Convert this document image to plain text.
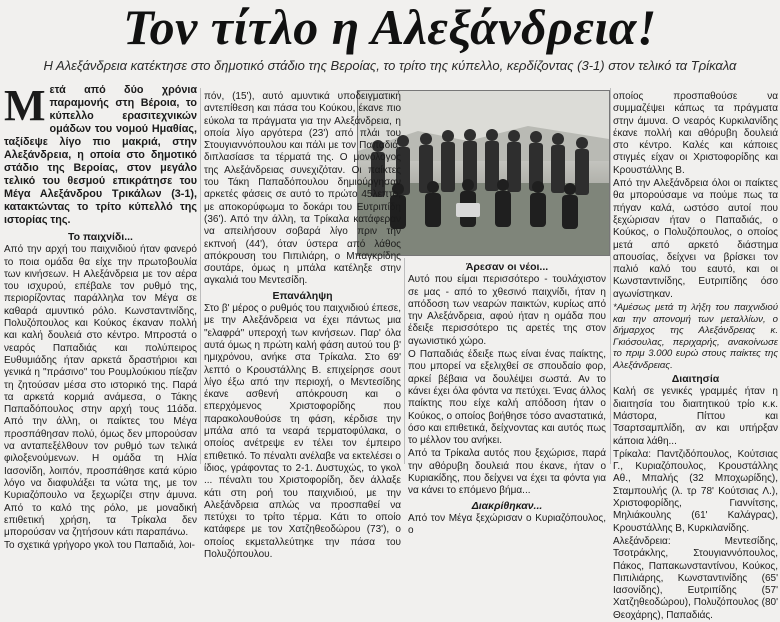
Τον τίτλο η Αλεξάνδρεια!
Η Αλεξάνδρεια κατέκτησε στο δημοτικό στάδιο της Βεροίας, το τρίτο της κύπελλο, κερδίζοντας (3-1) στον τελικό τα Τρίκαλα

Μ ετά από δύο χρόνια παραμονής στη Βέροια, το κύπελλο ερασιτεχνικών ομάδων του νομού Ημαθίας, ταξίδεψε λίγο πιο μακριά, στην Αλεξάνδρεια, η οποία στο δημοτικό στάδιο της Βεροίας, στον μεγάλο τελικό του θεσμού επικράτησε του Μέγα Αλεξάνδρου Τρικάλων (3-1), κατακτώντας το τρίτο κύπελλό της ιστορίας της.

Το παιχνίδι...

Από την αρχή του παιχνιδιού ήταν φανερό το ποια ομάδα θα είχε την πρωτοβουλία των κινήσεων. Η Αλεξάνδρεια με τον αέρα του ισχυρού, επέβαλε τον ρυθμό της, περιορίζοντας παράλληλα τον Μέγα σε καθαρά αμυντικό ρόλο. Κωνσταντινίδης, Πολυζόπουλος και Κούκος έκαναν πολλή και καλή δουλειά στο κέντρο. Μπροστά ο νεαρός Παπαδιάς και πολύπειρος Ευθυμιάδης ήταν αρκετά δραστήριοι και γενικά η "πράσινο" του Ρουμλούκιου πίεζαν τη ζητούσαν μέσα στο ιστορικό της. Παρά τα αρκετά κορμιά ανάμεσα, ο Τάκης Παπαδόπουλος στην αρχή τους 11άδα. Από την άλλη, οι παίκτες του Μέγα προσπάθησαν πολύ, όμως δεν μπορούσαν να ανταπεξέλθουν τον ρυθμό των τελικά φιλοξενούμενων. Η ομάδα τη Ηλία Ιασονίδη, λοιπόν, προσπάθησε κατά κύριο λόγο να διαφυλάξει τα νώτα της, με τον Κυριαζόπουλο να ξεχωρίζει στην άμυνα. Από το καλό της ρόλο, με μοναδική επιθετική χρήση, τα Τρίκαλα δεν μπορούσαν να ζητήσουν κάτι παραπάνω.

Το σχετικά γρήγορο γκολ του Παπαδιά, λοι-

πόν, (15'), αυτό αμυντικά υποδειγματική αντεπίθεση και πάσα του Κούκου, έκανε πιο εύκολα τα πράγματα για την Αλεξάνδρεια, η οποία λίγο αργότερα (23') από πλάι του Στουγιαννόπουλου και πάλι με τον Παπαδιά, διπλασίασε τα τέρματά της. Ο μονόλογος της Αλεξάνδρειας συνεχιζόταν. Οι παίκτες του Τάκη Παπαδόπουλου δημιούργησαν αρκετές φάσεις σε αυτό το πρώτο 45λεπτο, με αποκορύφωμα το δοκάρι του Ευτριπίδη (36'). Από την άλλη, τα Τρίκαλα κατάφεραν να απειλήσουν σοβαρά λίγο πριν την εκπνοή (44'), όταν ύστερα από λάθος απόκρουση του Πιπιλιάρη, ο Μπαγκρίδης σουτάρε, όμως η μπάλα κατέληξε στην αγκαλιά του Μεντεσίδη.

Επανάληψη

Στο β' μέρος ο ρυθμός του παιχνιδιού έπεσε, με την Αλεξάνδρεια να έχει πάντως μια "ελαφρά" υπεροχή των κινήσεων. Παρ' όλα αυτά όμως η πρώτη καλή φάση αυτού του β' ημιχρόνου, ανήκε στα Τρίκαλα. Στο 69' λεπτό ο Κρουστάλλης Β. επιχείρησε σουτ λίγο έξω από την περιοχή, ο Μεντεσίδης έκανε ασθενή απόκρουση και ο επερχόμενος Χριστοφορίδης που παρακολουθούσε τη φάση, κέρδισε την μπάλα από τα νεαρά τερματοφύλακα, ο οποίος ανέτρεψε εν τέλει τον έμπειρο επιθετικό. Το πέναλτι ανέλαβε να εκτελέσει ο ίδιος, γράφοντας το 2-1. Δυστυχώς, το γκολ ... πέναλτι του Χριστοφορίδη, δεν άλλαξε κάτι στη ροή του παιχνιδιού, με την Αλεξάνδρεια απλώς να προσπαθεί να πετύχει το τρίτο τέρμα. Κάτι το οποίο κατάφερε με τον Χατζηθεοδώρου (73'), ο οποίος εκμεταλλεύτηκε την πάσα του Πολυζόπουλου.

Άρεσαν οι νέοι...

Αυτό που είμαι περισσότερο - τουλάχιστον σε μας - από το χθεσινό παιχνίδι, ήταν η απόδοση των νεαρών παικτών, κυρίως από την Αλεξάνδρεια, αφού ήταν η ομάδα που έδειξε περισσότερο τις αρετές της στον αγωνιστικό χώρο.

Ο Παπαδιάς έδειξε πως είναι ένας παίκτης, που μπορεί να εξελιχθεί σε σπουδαίο φορ, αρκεί βέβαια να δουλέψει σωστά. Αν το κάνει έχει όλα φόντα να πετύχει. Ένας άλλος παίκτης που είχε καλή απόδοση ήταν ο Κούκος, ο οποίος βοήθησε τόσο αναστατικά, όσο και επιθετικά, δείχνοντας και αυτός πως το μέλλον του ανήκει.

Από τα Τρίκαλα αυτός που ξεχώρισε, παρά την αθόρυβη δουλειά που έκανε, ήταν ο Κυριακίδης, που δείχνει να έχει τα φόντα για να κάνει το επόμενο βήμα...

Διακρίθηκαν...

Από τον Μέγα ξεχώρισαν ο Κυριαζόπουλος, ο

οποίος προσπαθούσε να συμμαζέψει κάπως τα πράγματα στην άμυνα. Ο νεαρός Κυρκιλανίδης έκανε πολλή και αθόρυβη δουλειά στο κέντρο. Καλές και κάποιες στιγμές είχαν οι Χριστοφορίδης και Κρουστάλλης Β.

Από την Αλεξάνδρεια όλοι οι παίκτες θα μπορούσαμε να πούμε πως τα πήγαν καλά, ωστόσο αυτοί που ξεχώρισαν ήταν ο Παπαδιάς, ο Κούκος, ο Πολυζόπουλος, ο οποίος μετά από αρκετό διάστημα απουσίας, δείχνει να βρίσκει τον παλιό καλό του εαυτό, και οι Κωνσταντινίδης, Ευτριπίδης όσο αγωνίστηκαν.

*Αμέσως μετά τη λήξη του παιχνιδιού και την απονομή των μεταλλίων, ο δήμαρχος της Αλεξάνδρειας κ. Γκιόσουλας, περιχαρής, ανακοίνωσε το πριμ 3.000 ευρώ στους παίκτες της Αλεξάνδρειας.

Διαιτησία

Καλή σε γενικές γραμμές ήταν η διαιτησία του διαιτητικού τρίο κ.κ. Μάστορα, Πίττου και Τσαρτσαμπλίδη, αν και υπήρξαν κάποια λάθη...

Τρίκαλα: Παντζιδόπουλος, Κούτσιας Γ., Κυριαζόπουλος, Κρουστάλλης Αθ., Μπαλής (32 Μποχωρίδης), Σταμπουλής (λ. τρ 78' Κούτσιας Λ.), Χριστοφορίδης, Γιαννίτσης, Μηλιάκουλης (61' Καλάγρας), Κρουστάλλης Β, Κυρκιλανίδης.

Αλεξάνδρεια: Μεντεσίδης, Τσοτράκλης, Στουγιαννόπουλος, Πάκος, Παπακωνσταντίνου, Κούκος, Πιπιλιάρης, Κωνσταντινίδης (65' Ιασονίδης), Ευτριπίδης (57' Χατζηθεοδώρου), Πολυζόπουλος (80' Θεοχάρης), Παπαδιάς.
